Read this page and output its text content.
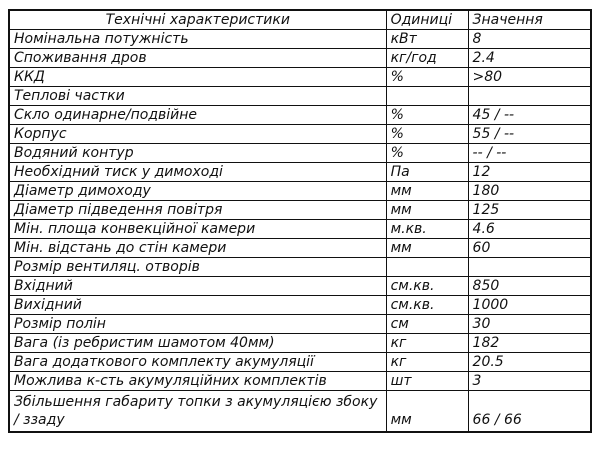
Технічні характеристики	Одиниці	Значення
Номінальна потужність	кВт	8
Споживання дров	кг/год	2.4
ККД	%	>80
Теплові частки		
Скло одинарне/подвійне	%	45 / --
Корпус	%	55 / --
Водяний контур	%	-- / --
Необхідний тиск у димоході	Па	12
Діаметр димоходу	мм	180
Діаметр підведення повітря	мм	125
Мін. площа конвекційної камери	м.кв.	4.6
Мін. відстань до стін камери	мм	60
Розмір вентиляц. отворів		
Вхідний	см.кв.	850
Вихідний	см.кв.	1000
Розмір полін	см	30
Вага (із ребристим шамотом 40мм)	кг	182
Вага додаткового комплекту акумуляції	кг	20.5
Можлива к-сть акумуляційних комплектів	шт	3
Збільшення габариту топки з акумуляцією збоку / ззаду	мм	66 / 66
